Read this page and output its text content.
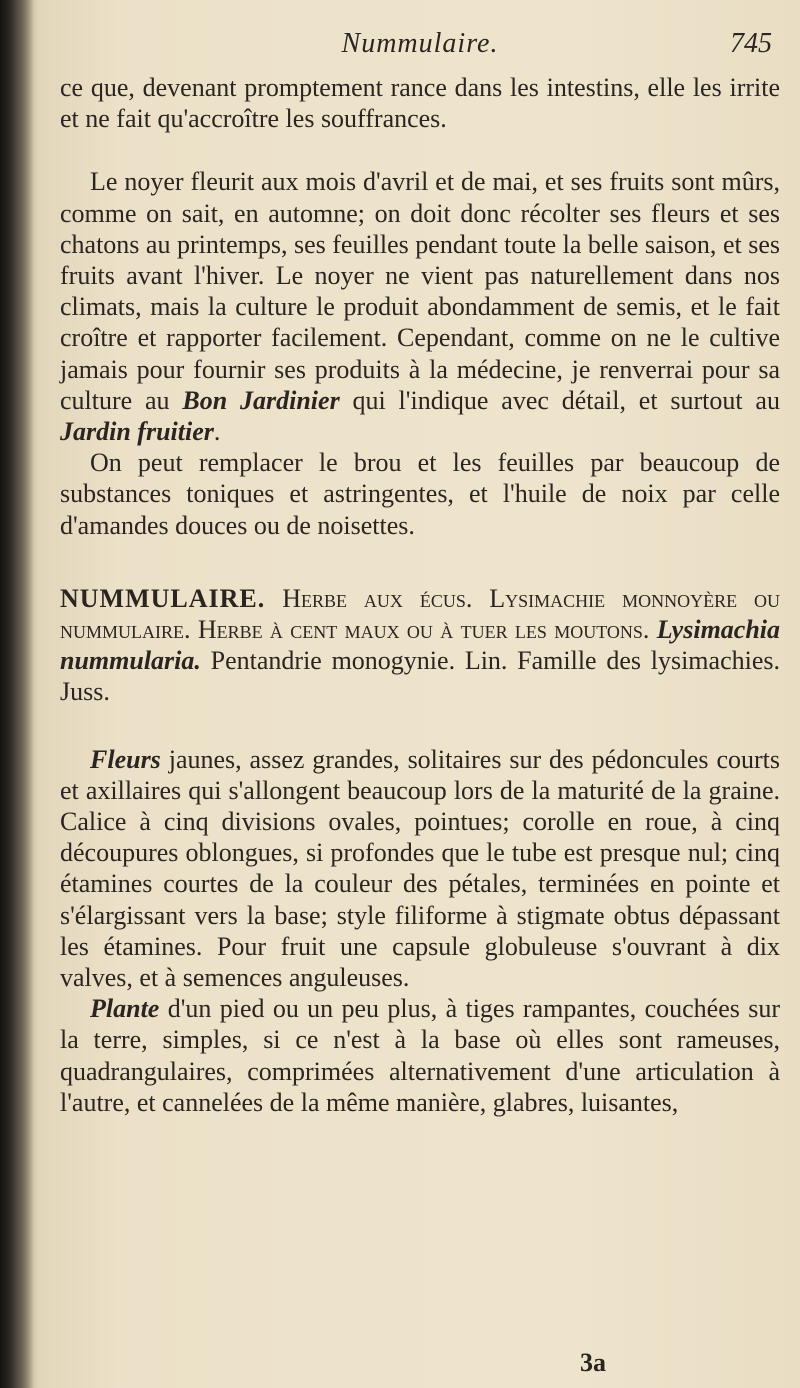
Nummulaire.	745

ce que, devenant promptement rance dans les intestins, elle les irrite et ne fait qu'accroître les souffrances.

Le noyer fleurit aux mois d'avril et de mai, et ses fruits sont mûrs, comme on sait, en automne; on doit donc récolter ses fleurs et ses chatons au printemps, ses feuilles pendant toute la belle saison, et ses fruits avant l'hiver. Le noyer ne vient pas naturellement dans nos climats, mais la culture le produit abondamment de semis, et le fait croître et rapporter facilement. Cependant, comme on ne le cultive jamais pour fournir ses produits à la médecine, je renverrai pour sa culture au Bon Jardinier qui l'indique avec détail, et surtout au Jardin fruitier.

On peut remplacer le brou et les feuilles par beaucoup de substances toniques et astringentes, et l'huile de noix par celle d'amandes douces ou de noisettes.

NUMMULAIRE. Herbe aux écus. Lysimachie monnoyère ou nummulaire. Herbe à cent maux ou à tuer les moutons. Lysimachia nummularia. Pentandrie monogynie. Lin. Famille des lysimachies. Juss.

Fleurs jaunes, assez grandes, solitaires sur des pédoncules courts et axillaires qui s'allongent beaucoup lors de la maturité de la graine. Calice à cinq divisions ovales, pointues; corolle en roue, à cinq découpures oblongues, si profondes que le tube est presque nul; cinq étamines courtes de la couleur des pétales, terminées en pointe et s'élargissant vers la base; style filiforme à stigmate obtus dépassant les étamines. Pour fruit une capsule globuleuse s'ouvrant à dix valves, et à semences anguleuses.

Plante d'un pied ou un peu plus, à tiges rampantes, couchées sur la terre, simples, si ce n'est à la base où elles sont rameuses, quadrangulaires, comprimées alternativement d'une articulation à l'autre, et cannelées de la même manière, glabres, luisantes,

3a
